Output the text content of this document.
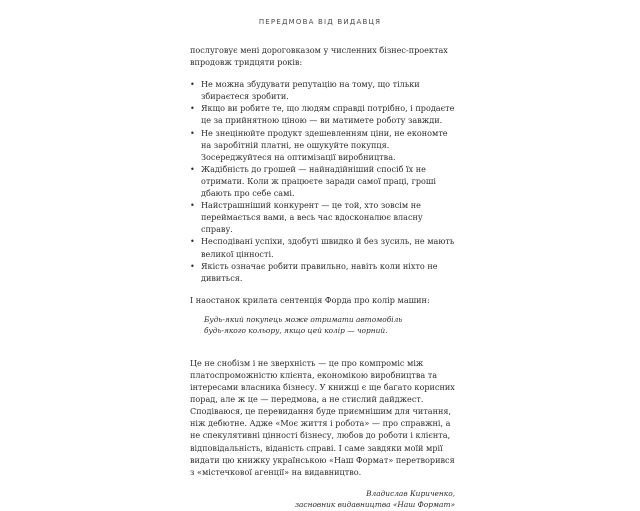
ПЕРЕДМОВА ВІД ВИДАВЦЯ

послуговує мені дороговказом у численних бізнес-проектах впродовж тридцяти років:

• Не можна збудувати репутацію на тому, що тільки збираєтеся зробити.
• Якщо ви робите те, що людям справді потрібно, і продаєте це за прийнятною ціною — ви матимете роботу завжди.
• Не знецінюйте продукт здешевленням ціни, не економте на заробітній платні, не ошукуйте покупця. Зосереджуйтеся на оптимізації виробництва.
• Жадібність до грошей — найнадійніший спосіб їх не отримати. Коли ж працюєте заради самої праці, гроші дбають про себе самі.
• Найстрашніший конкурент — це той, хто зовсім не переймається вами, а весь час вдосконалює власну справу.
• Несподівані успіхи, здобуті швидко й без зусиль, не мають великої цінності.
• Якість означає робити правильно, навіть коли ніхто не дивиться.

І наостанок крилата сентенція Форда про колір машин:

Будь-який покупець може отримати автомобіль будь-якого кольору, якщо цей колір — чорний.

Це не снобізм і не зверхність — це про компроміс між платоспроможністю клієнта, економікою виробництва та інтересами власника бізнесу. У книжці є ще багато корисних порад, але ж це — передмова, а не стислий дайджест. Сподіваюся, це перевидання буде приємнішим для читання, ніж дебютне. Адже «Моє життя і робота» — про справжні, а не спекулятивні цінності бізнесу, любов до роботи і клієнта, відповідальність, віданість справі. І саме завдяки моїй мрії видати цю книжку українською «Наш Формат» перетворився з «містечкової агенції» на видавництво.

Владислав Кириченко,
засновник видавництва «Наш Формат»
